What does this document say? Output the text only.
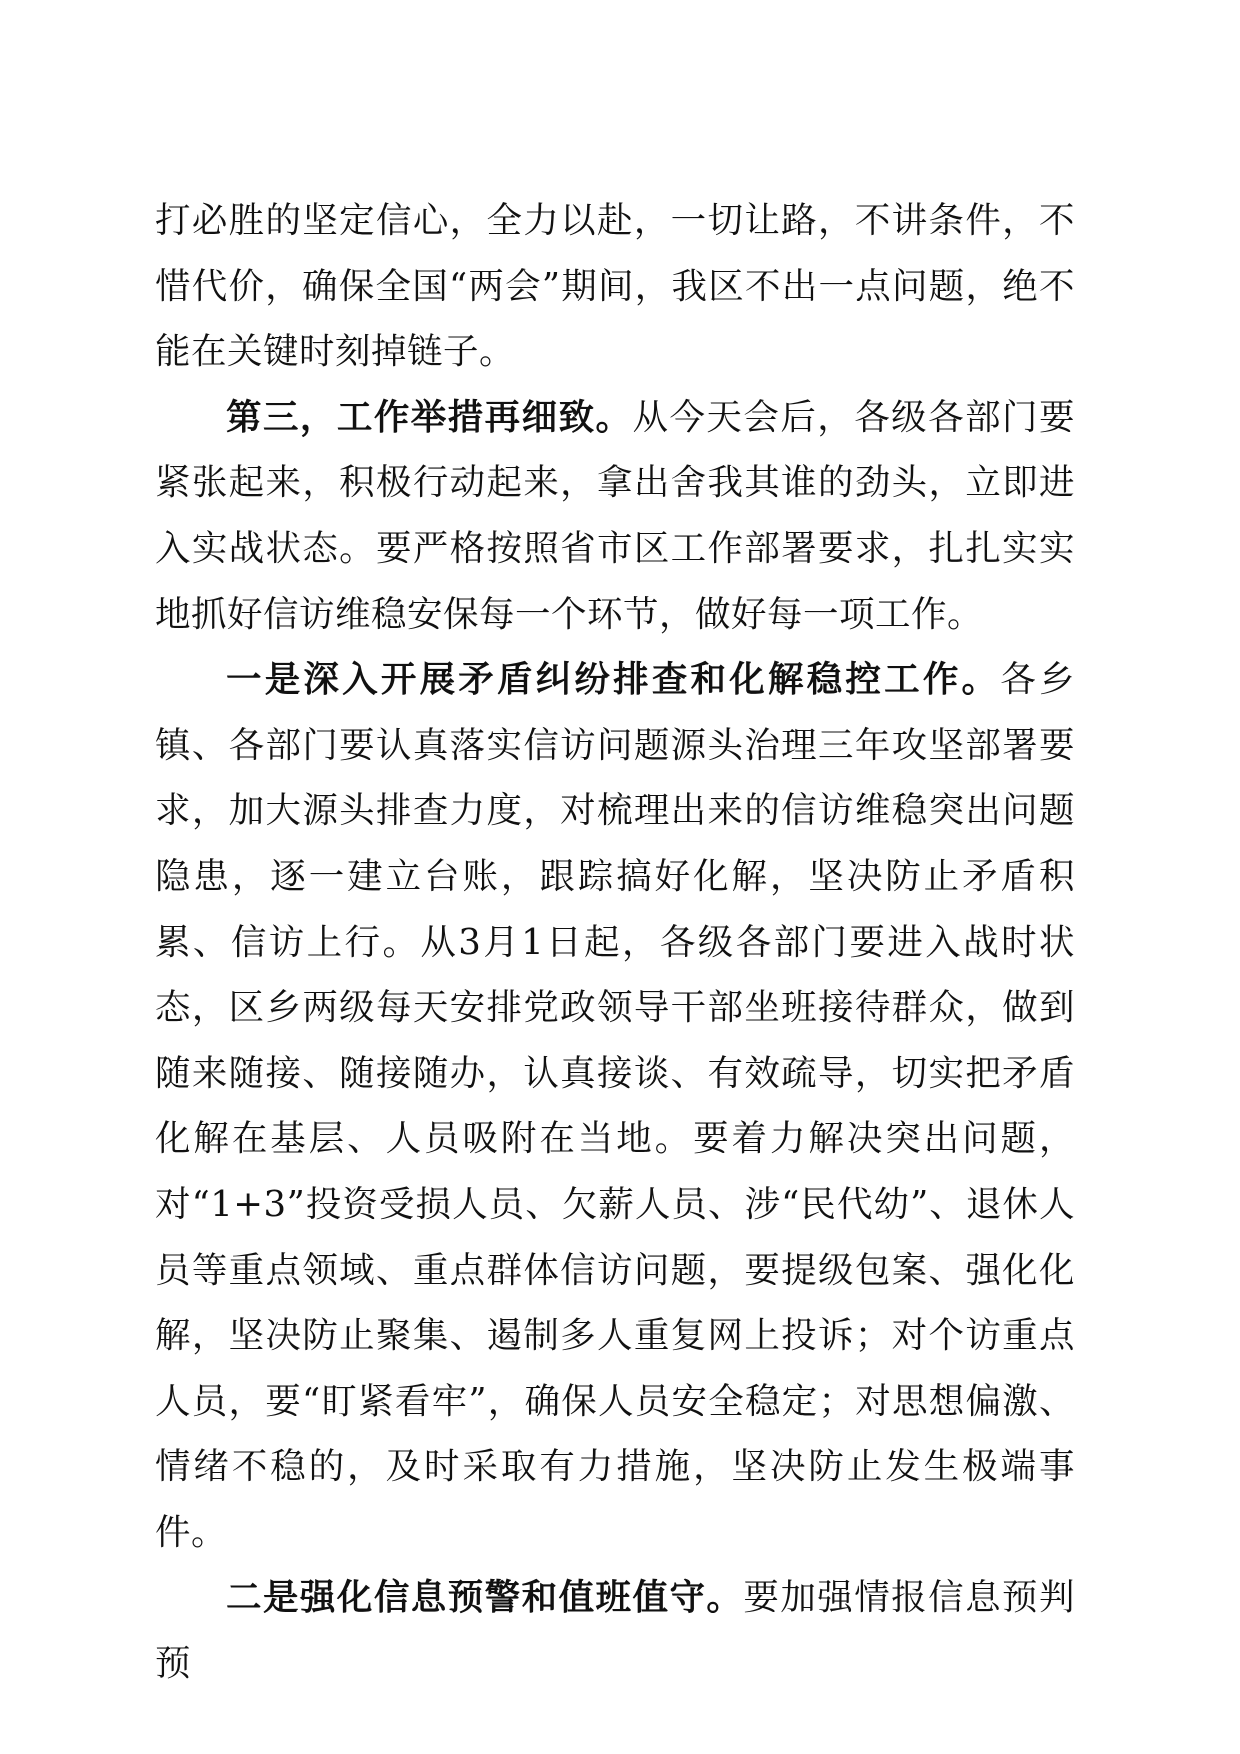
打必胜的坚定信心，全力以赴，一切让路，不讲条件，不惜代价，确保全国“两会”期间，我区不出一点问题，绝不能在关键时刻掉链子。

第三，工作举措再细致。从今天会后，各级各部门要紧张起来，积极行动起来，拿出舍我其谁的劲头，立即进入实战状态。要严格按照省市区工作部署要求，扎扎实实地抓好信访维稳安保每一个环节，做好每一项工作。

一是深入开展矛盾纠纷排查和化解稳控工作。各乡镇、各部门要认真落实信访问题源头治理三年攻坚部署要求，加大源头排查力度，对梳理出来的信访维稳突出问题隐患，逐一建立台账，跟踪搞好化解，坚决防止矛盾积累、信访上行。从3月1日起，各级各部门要进入战时状态，区乡两级每天安排党政领导干部坐班接待群众，做到随来随接、随接随办，认真接谈、有效疏导，切实把矛盾化解在基层、人员吸附在当地。要着力解决突出问题，对“1+3”投资受损人员、欠薪人员、涉“民代幼”、退休人员等重点领域、重点群体信访问题，要提级包案、强化化解，坚决防止聚集、遏制多人重复网上投诉；对个访重点人员，要“盯紧看牢”，确保人员安全稳定；对思想偏激、情绪不稳的，及时采取有力措施，坚决防止发生极端事件。

二是强化信息预警和值班值守。要加强情报信息预判预
